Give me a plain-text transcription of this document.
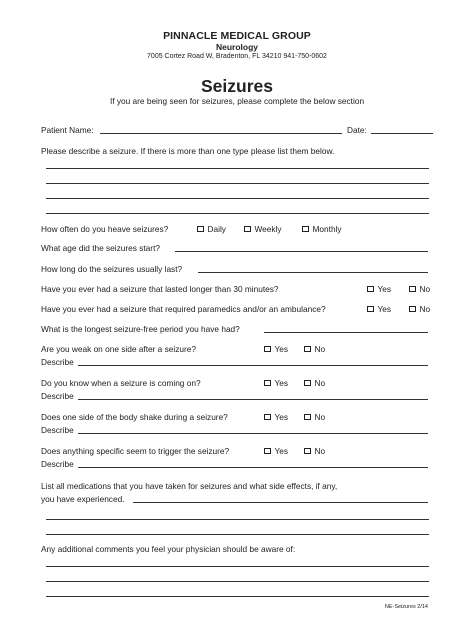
PINNACLE MEDICAL GROUP
Neurology
7005 Cortez Road W, Bradenton, FL 34210 941-750-0602
Seizures
If you are being seen for seizures, please complete the below section
Patient Name:	Date:
Please describe a seizure. If there is more than one type please list them below.
How often do you heave seizures?	Daily	Weekly	Monthly
What age did the seizures start?
How long do the seizures usually last?
Have you ever had a seizure that lasted longer than 30 minutes?	Yes	No
Have you ever had a seizure that required paramedics and/or an ambulance?	Yes	No
What is the longest seizure-free period you have had?
Are you weak on one side after a seizure?	Yes	No
Describe
Do you know when a seizure is coming on?	Yes	No
Describe
Does one side of the body shake during a seizure?	Yes	No
Describe
Does anything specific seem to trigger the seizure?	Yes	No
Describe
List all medications that you have taken for seizures and what side effects, if any,
you have experienced.
Any additional comments you feel your physician should be aware of:
NE-Seizures 2/14
